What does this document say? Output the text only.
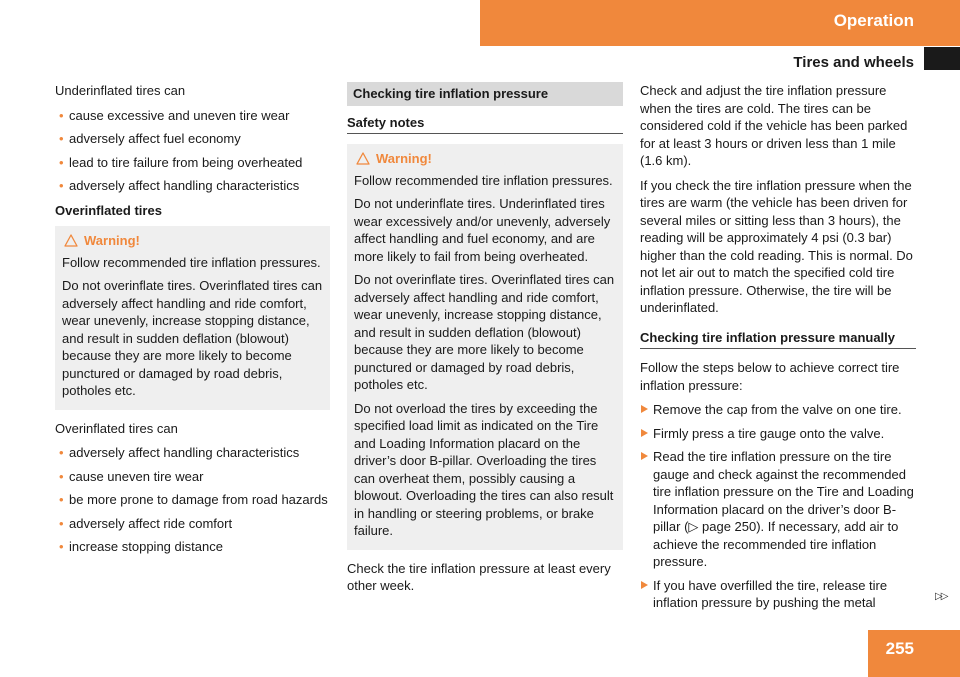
Operation
Tires and wheels

Underinflated tires can

• cause excessive and uneven tire wear
• adversely affect fuel economy
• lead to tire failure from being overheated
• adversely affect handling characteristics

Overinflated tires

Warning!

Follow recommended tire inflation pressures.

Do not overinflate tires. Overinflated tires can adversely affect handling and ride comfort, wear unevenly, increase stopping distance, and result in sudden deflation (blowout) because they are more likely to become punctured or damaged by road debris, potholes etc.

Overinflated tires can

• adversely affect handling characteristics
• cause uneven tire wear
• be more prone to damage from road hazards
• adversely affect ride comfort
• increase stopping distance
Checking tire inflation pressure
Safety notes
Warning!

Follow recommended tire inflation pressures.

Do not underinflate tires. Underinflated tires wear excessively and/or unevenly, adversely affect handling and fuel economy, and are more likely to fail from being overheated.

Do not overinflate tires. Overinflated tires can adversely affect handling and ride comfort, wear unevenly, increase stopping distance, and result in sudden deflation (blowout) because they are more likely to become punctured or damaged by road debris, potholes etc.

Do not overload the tires by exceeding the specified load limit as indicated on the Tire and Loading Information placard on the driver’s door B-pillar. Overloading the tires can overheat them, possibly causing a blowout. Overloading the tires can also result in handling or steering problems, or brake failure.

Check the tire inflation pressure at least every other week.

Check and adjust the tire inflation pressure when the tires are cold. The tires can be considered cold if the vehicle has been parked for at least 3 hours or driven less than 1 mile (1.6 km).

If you check the tire inflation pressure when the tires are warm (the vehicle has been driven for several miles or sitting less than 3 hours), the reading will be approximately 4 psi (0.3 bar) higher than the cold reading. This is normal. Do not let air out to match the specified cold tire inflation pressure. Otherwise, the tire will be underinflated.

Checking tire inflation pressure manually

Follow the steps below to achieve correct tire inflation pressure:

Remove the cap from the valve on one tire.
Firmly press a tire gauge onto the valve.
Read the tire inflation pressure on the tire gauge and check against the recommended tire inflation pressure on the Tire and Loading Information placard on the driver’s door B-pillar (▷ page 250). If necessary, add air to achieve the recommended tire inflation pressure.
If you have overfilled the tire, release tire inflation pressure by pushing the metal	▷▷
255
